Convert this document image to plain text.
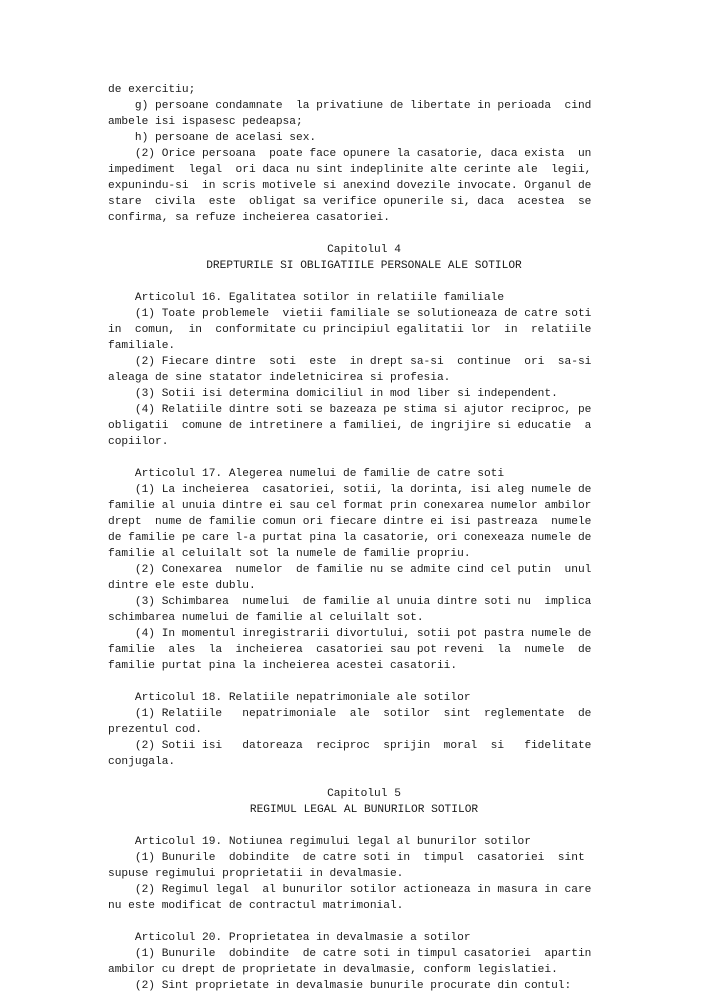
de exercitiu;
g) persoane condamnate  la privatiune de libertate in perioada  cind
ambele isi ispasesc pedeapsa;
h) persoane de acelasi sex.
(2) Orice persoana  poate face opunere la casatorie, daca exista  un
impediment  legal  ori daca nu sint indeplinite alte cerinte ale  legii,
expunindu-si  in scris motivele si anexind dovezile invocate. Organul de
stare  civila  este  obligat sa verifice opunerile si, daca  acestea  se
confirma, sa refuze incheierea casatoriei.
Capitolul 4
DREPTURILE SI OBLIGATIILE PERSONALE ALE SOTILOR
Articolul 16. Egalitatea sotilor in relatiile familiale
(1) Toate problemele  vietii familiale se solutioneaza de catre soti
in  comun,  in  conformitate cu principiul egalitatii lor  in  relatiile
familiale.
(2) Fiecare dintre  soti  este  in drept sa-si  continue  ori  sa-si
aleaga de sine statator indeletnicirea si profesia.
(3) Sotii isi determina domiciliul in mod liber si independent.
(4) Relatiile dintre soti se bazeaza pe stima si ajutor reciproc, pe
obligatii  comune de intretinere a familiei, de ingrijire si educatie  a
copiilor.
Articolul 17. Alegerea numelui de familie de catre soti
(1) La incheierea  casatoriei, sotii, la dorinta, isi aleg numele de
familie al unuia dintre ei sau cel format prin conexarea numelor ambilor
drept  nume de familie comun ori fiecare dintre ei isi pastreaza  numele
de familie pe care l-a purtat pina la casatorie, ori conexeaza numele de
familie al celuilalt sot la numele de familie propriu.
(2) Conexarea  numelor  de familie nu se admite cind cel putin  unul
dintre ele este dublu.
(3) Schimbarea  numelui  de familie al unuia dintre soti nu  implica
schimbarea numelui de familie al celuilalt sot.
(4) In momentul inregistrarii divortului, sotii pot pastra numele de
familie  ales  la  incheierea  casatoriei sau pot reveni  la  numele  de
familie purtat pina la incheierea acestei casatorii.
Articolul 18. Relatiile nepatrimoniale ale sotilor
(1) Relatiile   nepatrimoniale  ale  sotilor  sint  reglementate  de
prezentul cod.
(2) Sotii isi   datoreaza  reciproc  sprijin  moral  si   fidelitate
conjugala.
Capitolul 5
REGIMUL LEGAL AL BUNURILOR SOTILOR
Articolul 19. Notiunea regimului legal al bunurilor sotilor
(1) Bunurile  dobindite  de catre soti in  timpul  casatoriei  sint
supuse regimului proprietatii in devalmasie.
(2) Regimul legal  al bunurilor sotilor actioneaza in masura in care
nu este modificat de contractul matrimonial.
Articolul 20. Proprietatea in devalmasie a sotilor
(1) Bunurile  dobindite  de catre soti in timpul casatoriei  apartin
ambilor cu drept de proprietate in devalmasie, conform legislatiei.
(2) Sint proprietate in devalmasie bunurile procurate din contul:
